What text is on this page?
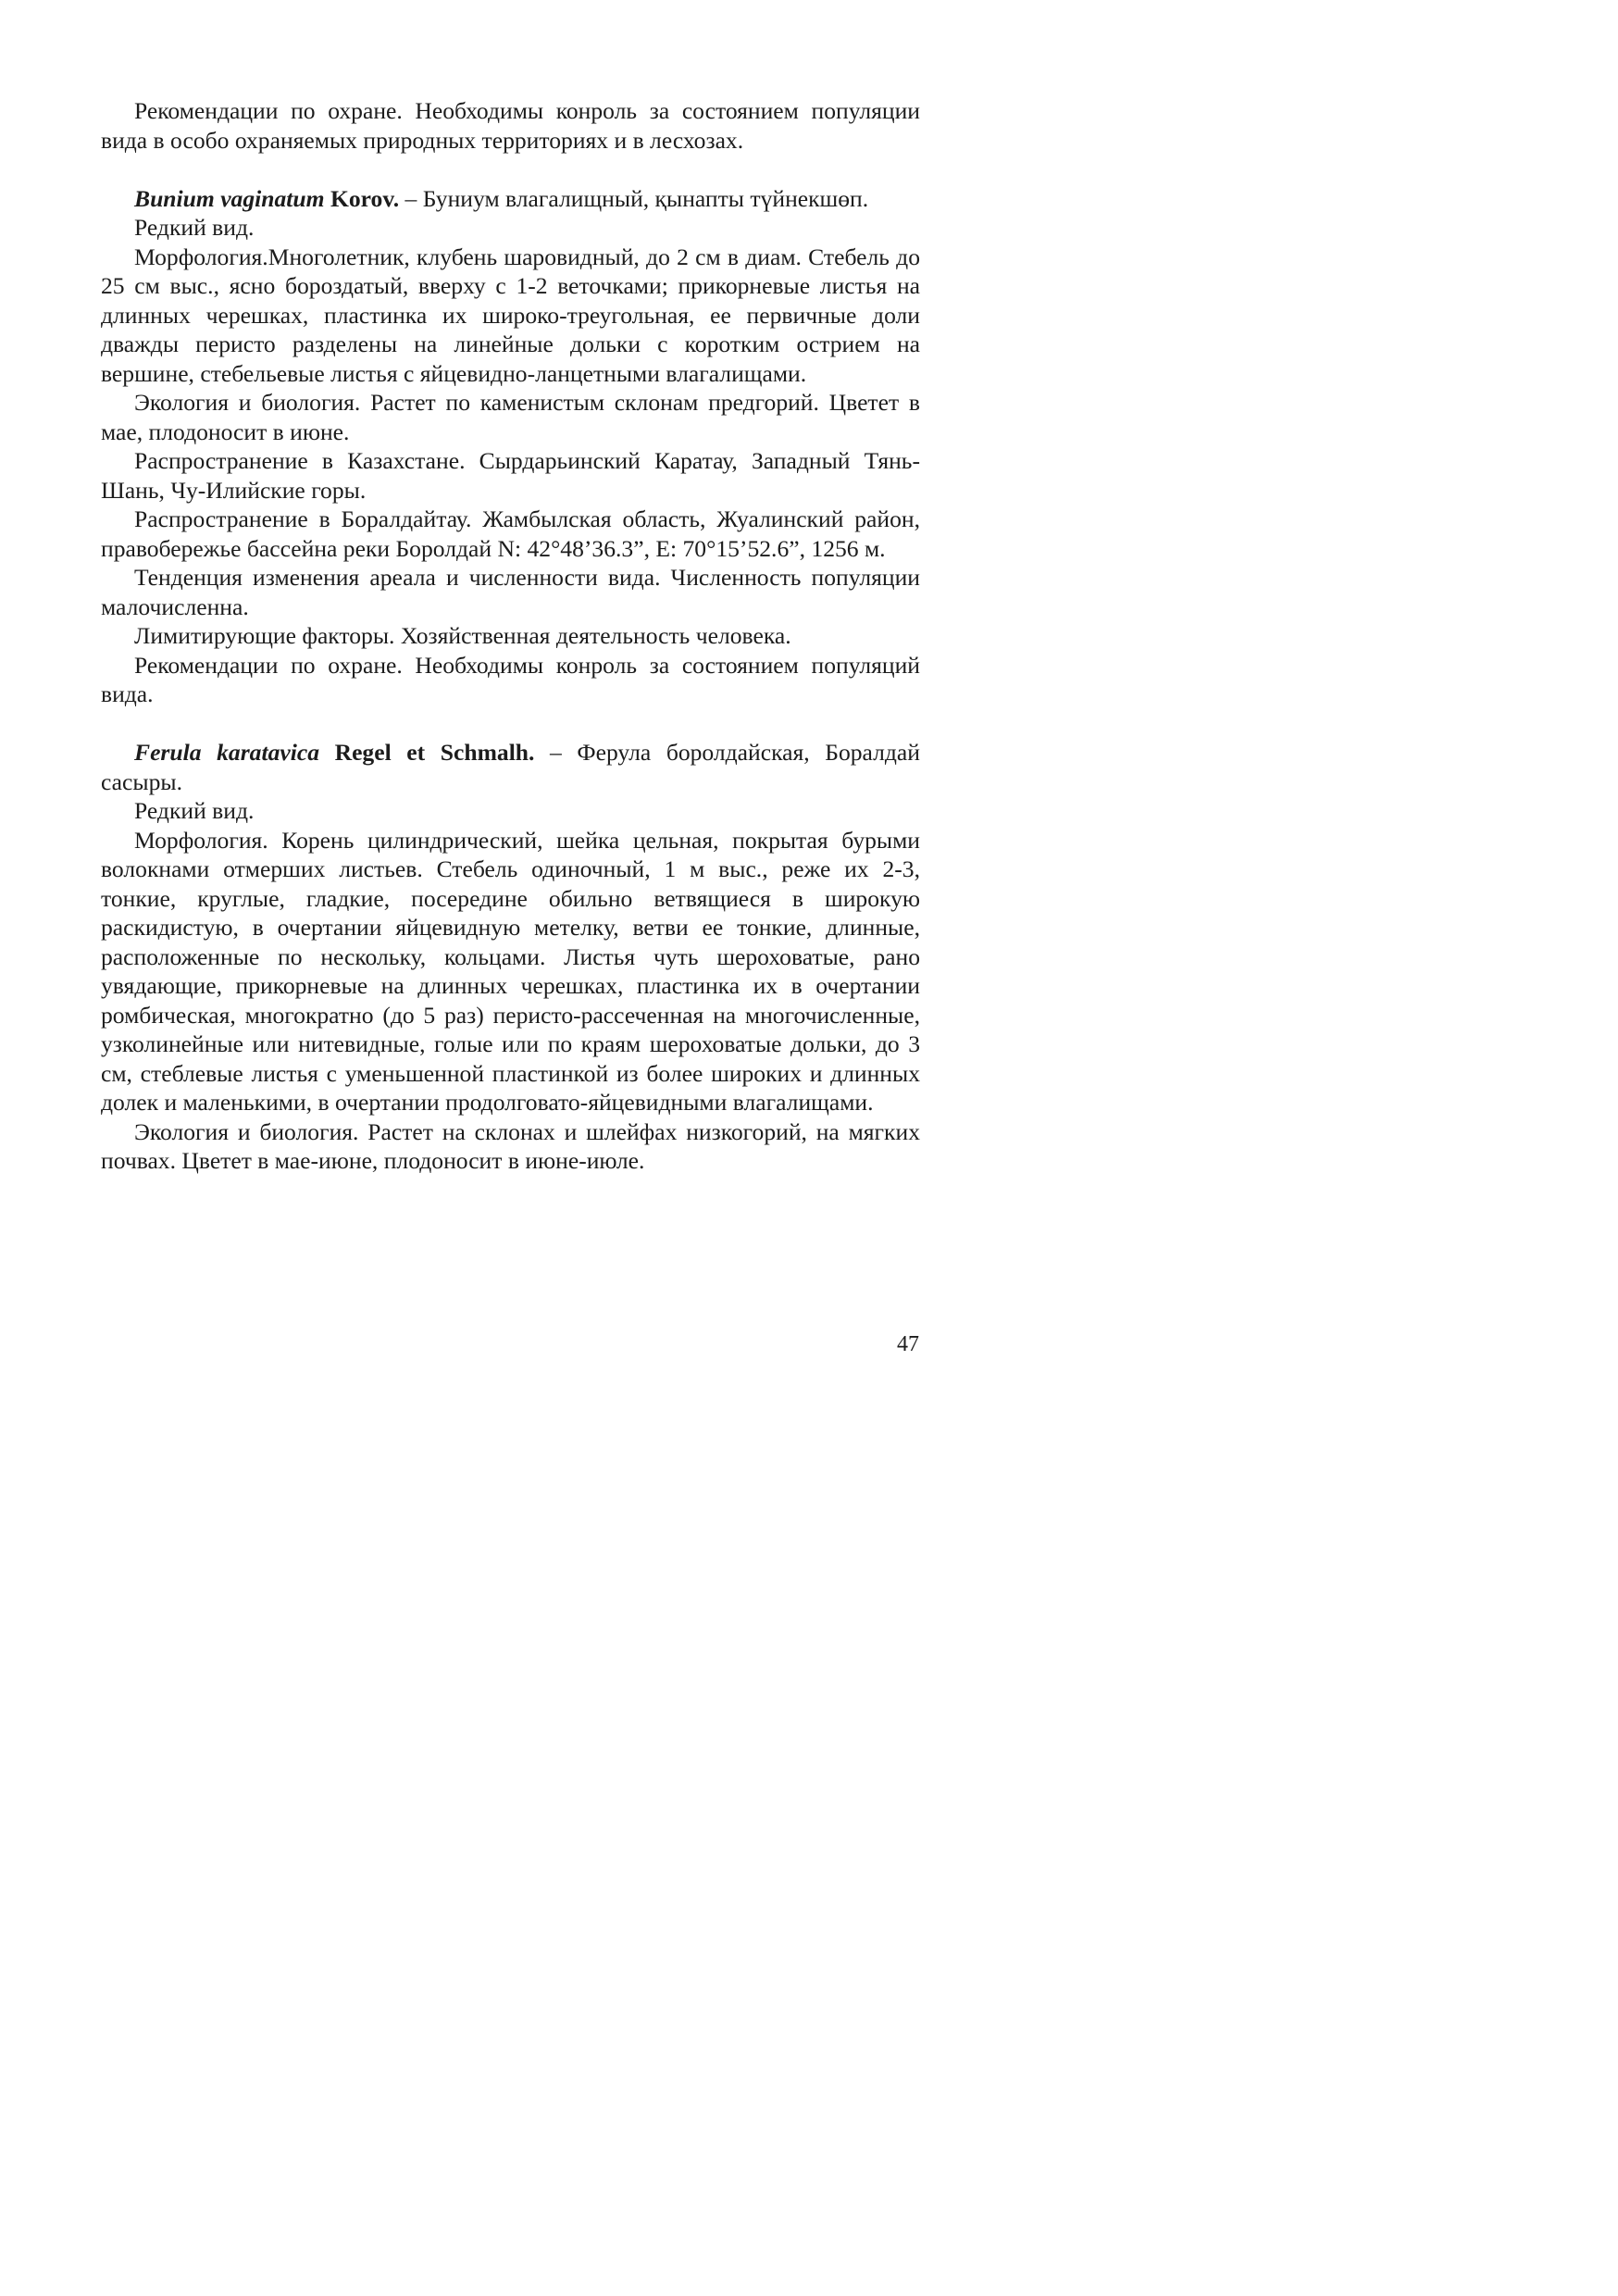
Рекомендации по охране. Необходимы конроль за состоянием популяции вида в особо охраняемых природных территориях и в лесхозах.

Bunium vaginatum Korov. – Буниум влагалищный, қынапты түйнекшөп.

Редкий вид.

Морфология.Многолетник, клубень шаровидный, до 2 см в диам. Стебель до 25 см выс., ясно бороздатый, вверху с 1-2 веточками; прикорневые листья на длинных черешках, пластинка их широко-треугольная, ее первичные доли дважды перисто разделены на линейные дольки с коротким острием на вершине, стебельевые листья с яйцевидно-ланцетными влагалищами.

Экология и биология. Растет по каменистым склонам предгорий. Цветет в мае, плодоносит в июне.

Распространение в Казахстане. Сырдарьинский Каратау, Западный Тянь-Шань, Чу-Илийские горы.

Распространение в Боралдайтау. Жамбылская область, Жуалинский район, правобережье бассейна реки Боролдай N: 42°48’36.3”, E: 70°15’52.6”, 1256 м.

Тенденция изменения ареала и численности вида. Численность популяции малочисленна.

Лимитирующие факторы. Хозяйственная деятельность человека.

Рекомендации по охране. Необходимы конроль за состоянием популяций вида.

Ferula karatavica Regel et Schmalh. – Ферула боролдайская, Боралдай сасыры.

Редкий вид.

Морфология. Корень цилиндрический, шейка цельная, покрытая бурыми волокнами отмерших листьев. Стебель одиночный, 1 м выс., реже их 2-3, тонкие, круглые, гладкие, посередине обильно ветвящиеся в широкую раскидистую, в очертании яйцевидную метелку, ветви ее тонкие, длинные, расположенные по нескольку, кольцами. Листья чуть шероховатые, рано увядающие, прикорневые на длинных черешках, пластинка их в очертании ромбическая, многократно (до 5 раз) перисто-рассеченная на многочисленные, узколинейные или нитевидные, голые или по краям шероховатые дольки, до 3 см, стеблевые листья с уменьшенной пластинкой из более широких и длинных долек и маленькими, в очертании продолговато-яйцевидными влагалищами.

Экология и биология. Растет на склонах и шлейфах низкогорий, на мягких почвах. Цветет в мае-июне, плодоносит в июне-июле.

47
